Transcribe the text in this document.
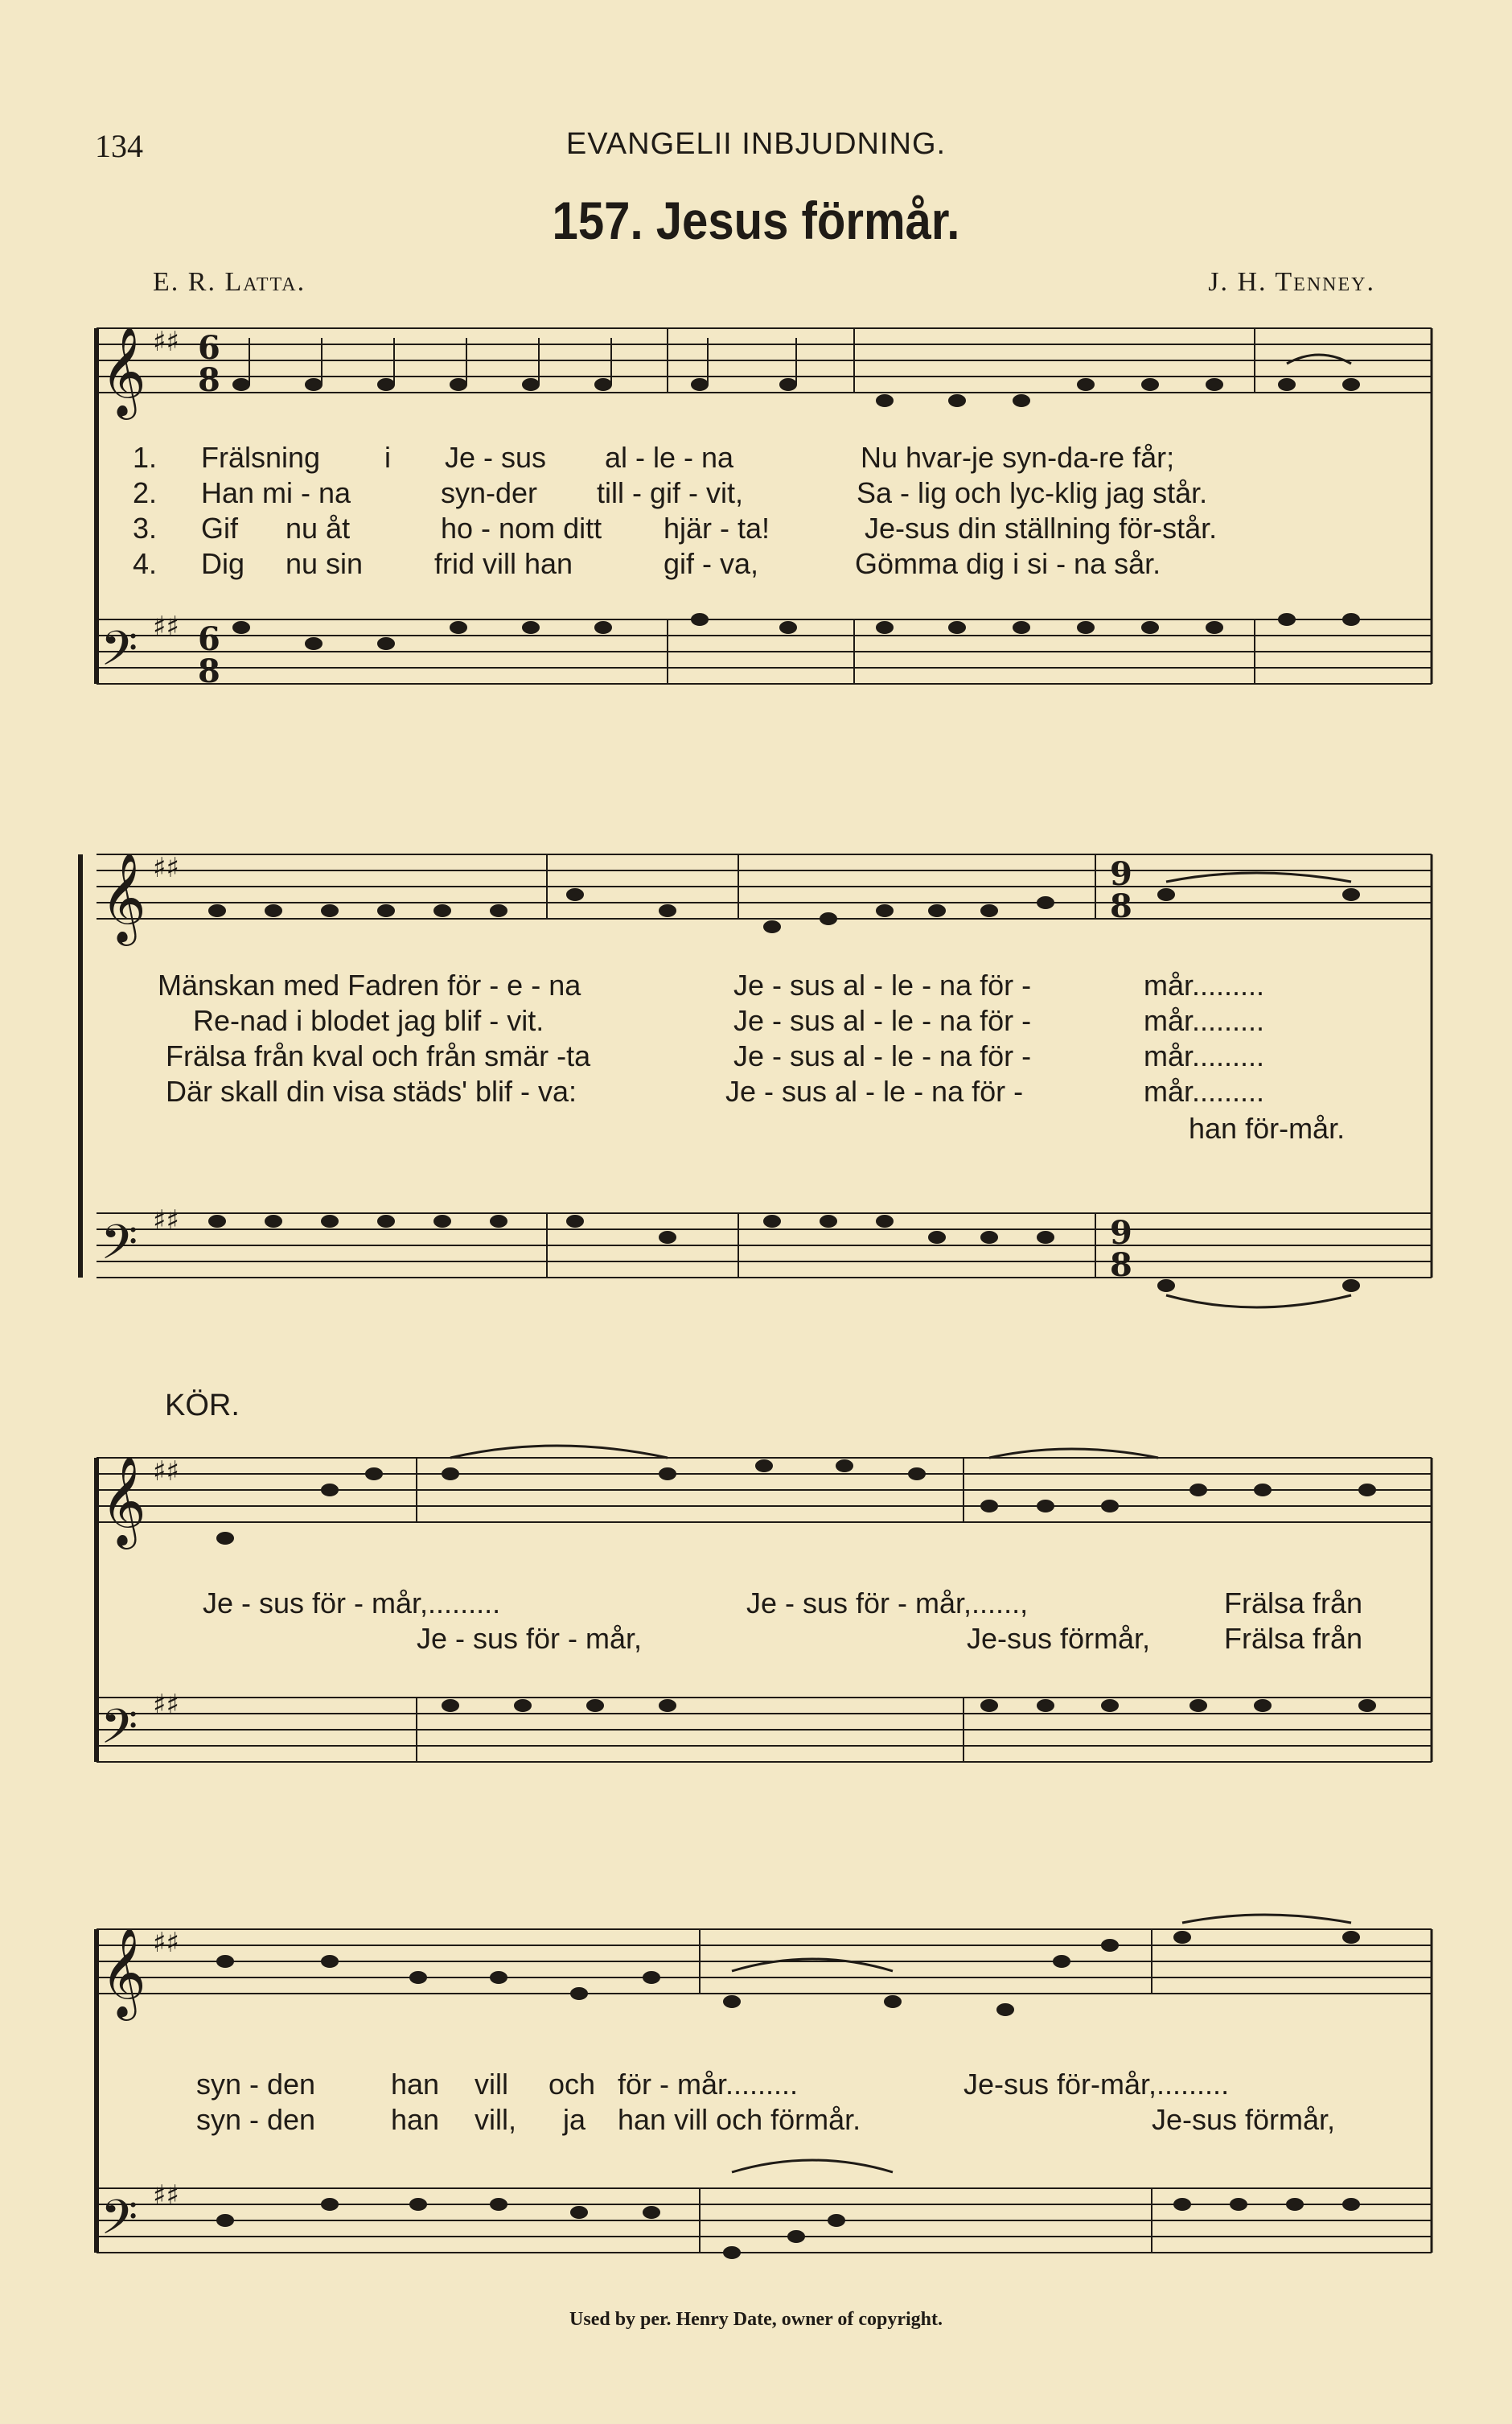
134	EVANGELII INBJUDNING.
157. Jesus förmår.
E. R. Latta.	J. H. Tenney.
𝄞
𝄢
𝄞
𝄢
𝄞
𝄢
𝄞
𝄢
♯♯
♯♯
♯♯
♯♯
♯♯
♯♯
♯♯
♯♯
6
8
6
8
9
8
9
8
1. Frälsning i Je - sus al - le - na	Nu hvar-je syn-da-re får;
2. Han mi - na	syn-der till - gif - vit,	Sa - lig och lyc-klig jag står.
3. Gif nu åt	ho - nom ditt hjär - ta!	Je-sus din ställning för-står.
4. Dig nu sin frid vill han	gif - va,	Gömma dig i si - na sår.
Mänskan med Fadren för - e - na	Je - sus al - le - na för -	mår.........
Re-nad i blodet jag blif - vit.	Je - sus al - le - na för -	mår.........
Frälsa från kval och från smär -ta	Je - sus al - le - na för -	mår.........
Där skall din visa städs' blif - va:	Je - sus al - le - na för -	mår.........
han för-mår.
KÖR.
Je - sus för - mår,.........	Je - sus för - mår,......,	Frälsa från
Je - sus för - mår,	Je-sus förmår,	Frälsa från
syn - den	han vill och för - mår.........	Je-sus för-mår,.........
syn - den	han vill, ja han vill och förmår.	Je-sus förmår,
Used by per. Henry Date, owner of copyright.
